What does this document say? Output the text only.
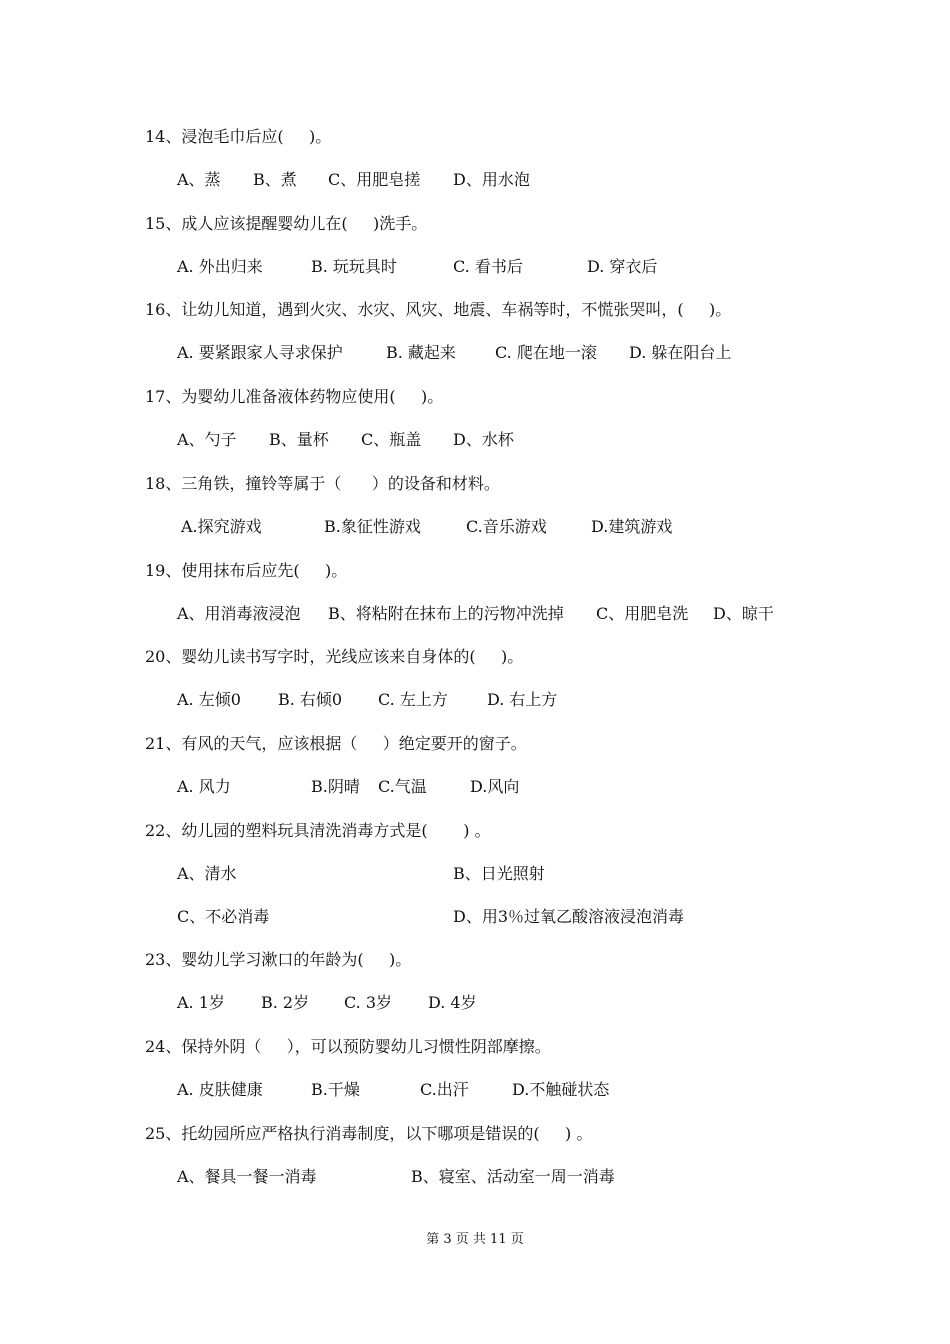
14、浸泡毛巾后应(     )。
A、蒸 B、煮 C、用肥皂搓 D、用水泡
15、成人应该提醒婴幼儿在(     )洗手。
A. 外出归来	B. 玩玩具时	C. 看书后	D. 穿衣后
16、让幼儿知道，遇到火灾、水灾、风灾、地震、车祸等时，不慌张哭叫，(     )。
A. 要紧跟家人寻求保护	B. 藏起来 C. 爬在地一滚 D. 躲在阳台上
17、为婴幼儿准备液体药物应使用(     )。
A、勺子 B、量杯 C、瓶盖 D、水杯
18、三角铁，撞铃等属于（      ）的设备和材料。
A.探究游戏	B.象征性游戏	C.音乐游戏	D.建筑游戏
19、使用抹布后应先(     )。
A、用消毒液浸泡 B、将粘附在抹布上的污物冲洗掉 C、用肥皂洗 D、晾干
20、婴幼儿读书写字时，光线应该来自身体的(     )。
A. 左倾0 B. 右倾0 C. 左上方 D. 右上方
21、有风的天气，应该根据（     ）绝定要开的窗子。
A. 风力	B.阴晴 C.气温	D.风向
22、幼儿园的塑料玩具清洗消毒方式是(       ) 。
A、清水	B、日光照射
C、不必消毒	D、用3％过氧乙酸溶液浸泡消毒
23、婴幼儿学习漱口的年龄为(     )。
A. 1岁 B. 2岁 C. 3岁 D. 4岁
24、保持外阴（     ），可以预防婴幼儿习惯性阴部摩擦。
A. 皮肤健康	B.干燥	C.出汗	D.不触碰状态
25、托幼园所应严格执行消毒制度，以下哪项是错误的(     ) 。
A、餐具一餐一消毒	B、寝室、活动室一周一消毒
第 3 页 共 11 页
